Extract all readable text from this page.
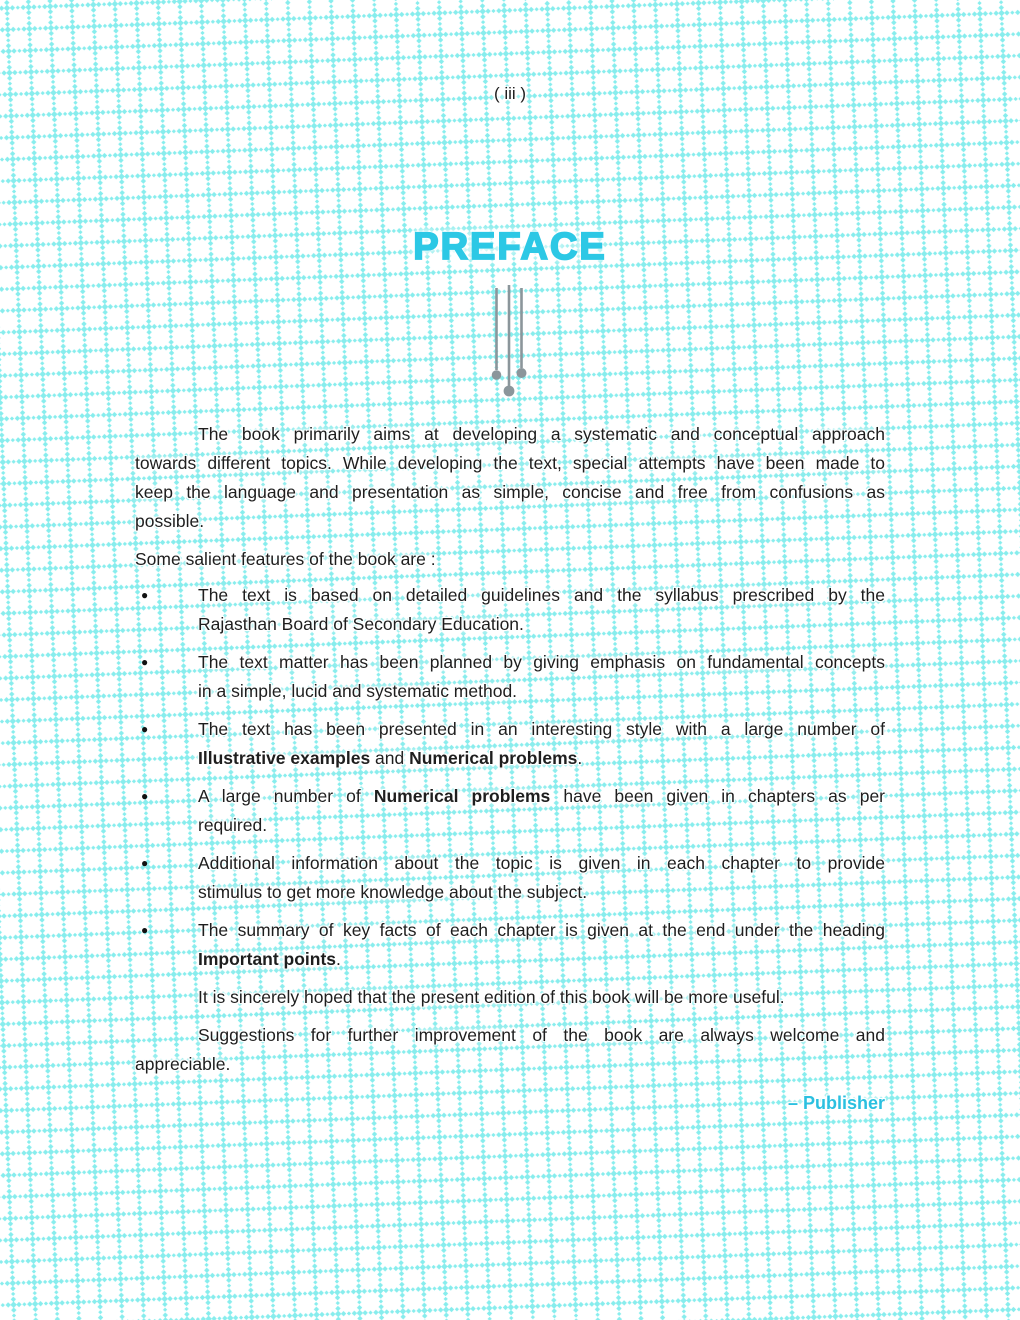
( iii )
PREFACE
The book primarily aims at developing a systematic and conceptual approach
towards different topics. While developing the text, special attempts have been made to
keep the language and presentation as simple, concise and free from confusions as
possible.
Some salient features of the book are :
●	The text is based on detailed guidelines and the syllabus prescribed by the
Rajasthan Board of Secondary Education.
●	The text matter has been planned by giving emphasis on fundamental concepts
in a simple, lucid and systematic method.
●	The text has been presented in an interesting style with a large number of
Illustrative examples and Numerical problems.
●	A large number of Numerical problems have been given in chapters as per
required.
●	Additional information about the topic is given in each chapter to provide
stimulus to get more knowledge about the subject.
●	The summary of key facts of each chapter is given at the end under the heading
Important points.
It is sincerely hoped that the present edition of this book will be more useful.
Suggestions for further improvement of the book are always welcome and
appreciable.
– Publisher
